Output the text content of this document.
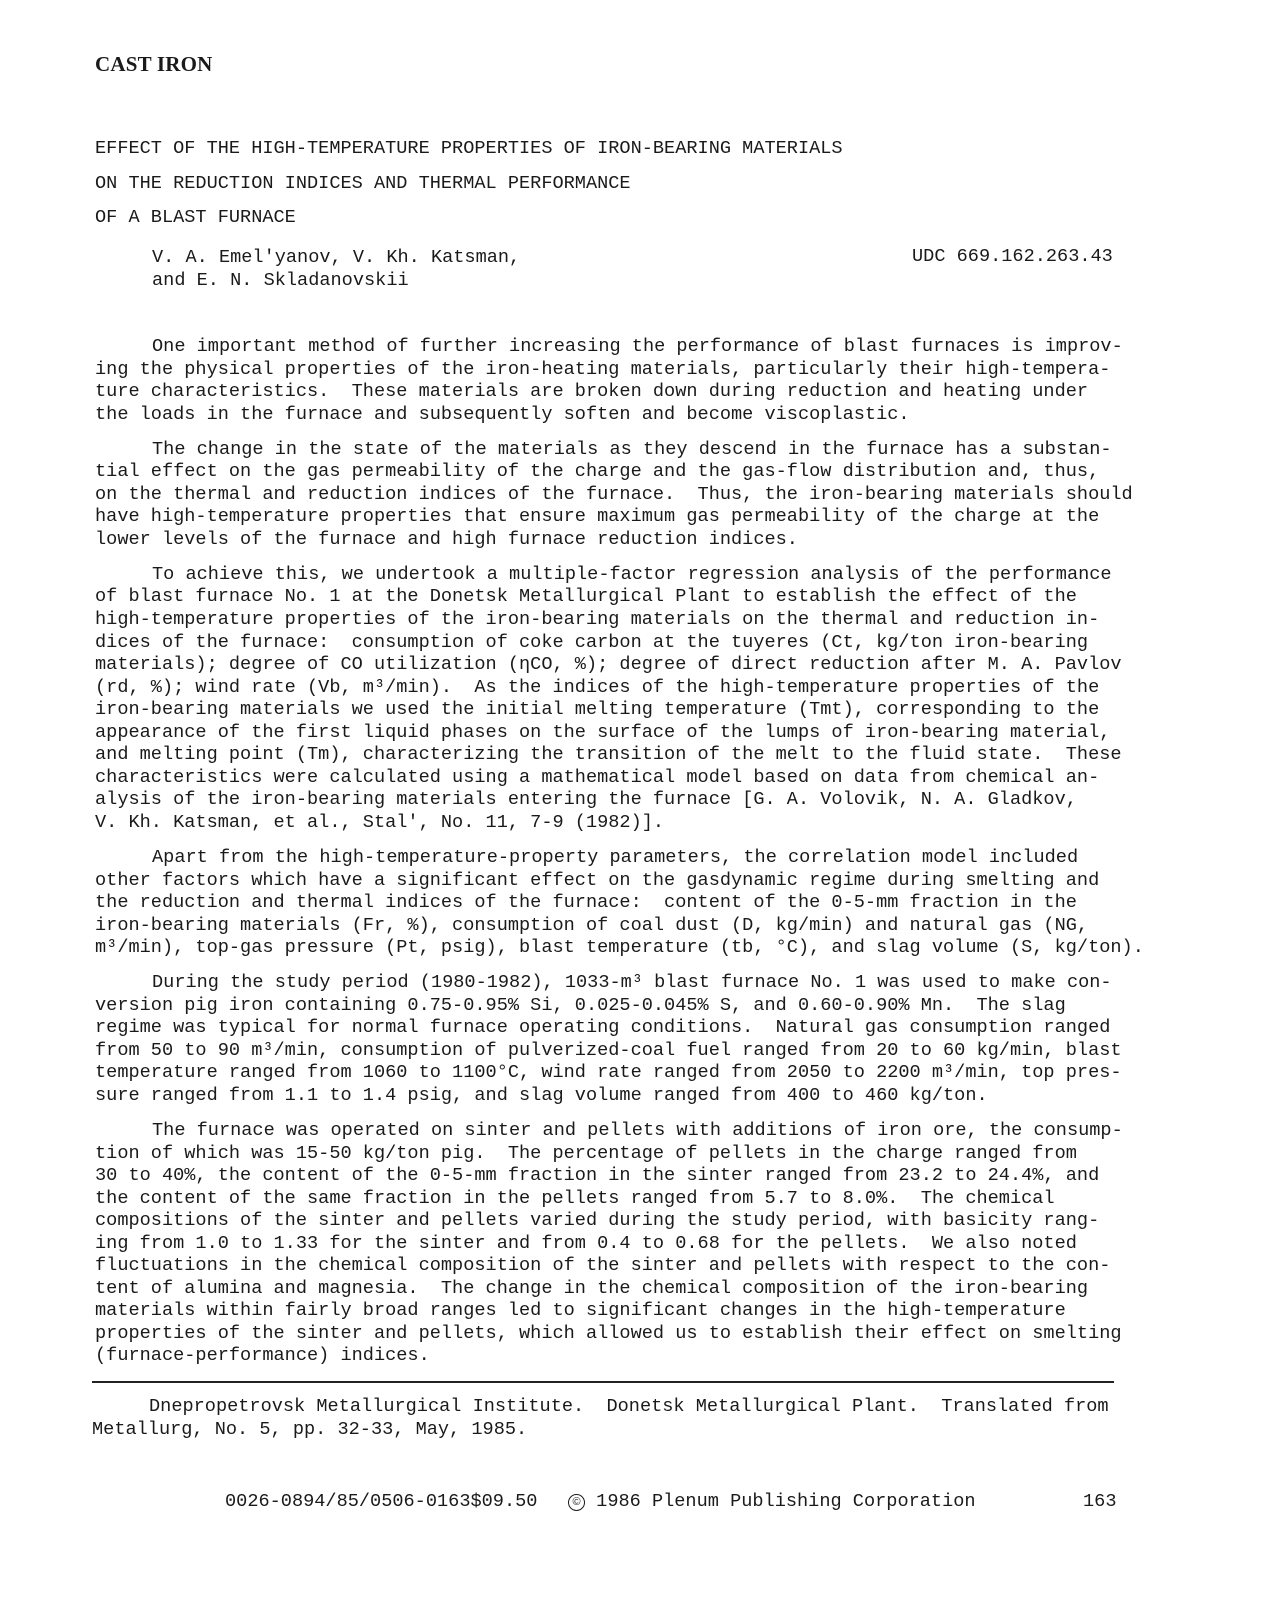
CAST IRON
EFFECT OF THE HIGH-TEMPERATURE PROPERTIES OF IRON-BEARING MATERIALS
ON THE REDUCTION INDICES AND THERMAL PERFORMANCE
OF A BLAST FURNACE
V. A. Emel'yanov, V. Kh. Katsman,
and E. N. Skladanovskii
UDC 669.162.263.43

One important method of further increasing the performance of blast furnaces is improv-
ing the physical properties of the iron-heating materials, particularly their high-tempera-
ture characteristics.  These materials are broken down during reduction and heating under
the loads in the furnace and subsequently soften and become viscoplastic.

The change in the state of the materials as they descend in the furnace has a substan-
tial effect on the gas permeability of the charge and the gas-flow distribution and, thus,
on the thermal and reduction indices of the furnace.  Thus, the iron-bearing materials should
have high-temperature properties that ensure maximum gas permeability of the charge at the
lower levels of the furnace and high furnace reduction indices.

To achieve this, we undertook a multiple-factor regression analysis of the performance
of blast furnace No. 1 at the Donetsk Metallurgical Plant to establish the effect of the
high-temperature properties of the iron-bearing materials on the thermal and reduction in-
dices of the furnace:  consumption of coke carbon at the tuyeres (Ct, kg/ton iron-bearing
materials); degree of CO utilization (ηCO, %); degree of direct reduction after M. A. Pavlov
(rd, %); wind rate (Vb, m³/min).  As the indices of the high-temperature properties of the
iron-bearing materials we used the initial melting temperature (Tmt), corresponding to the
appearance of the first liquid phases on the surface of the lumps of iron-bearing material,
and melting point (Tm), characterizing the transition of the melt to the fluid state.  These
characteristics were calculated using a mathematical model based on data from chemical an-
alysis of the iron-bearing materials entering the furnace [G. A. Volovik, N. A. Gladkov,
V. Kh. Katsman, et al., Stal', No. 11, 7-9 (1982)].

Apart from the high-temperature-property parameters, the correlation model included
other factors which have a significant effect on the gasdynamic regime during smelting and
the reduction and thermal indices of the furnace:  content of the 0-5-mm fraction in the
iron-bearing materials (Fr, %), consumption of coal dust (D, kg/min) and natural gas (NG,
m³/min), top-gas pressure (Pt, psig), blast temperature (tb, °C), and slag volume (S, kg/ton).

During the study period (1980-1982), 1033-m³ blast furnace No. 1 was used to make con-
version pig iron containing 0.75-0.95% Si, 0.025-0.045% S, and 0.60-0.90% Mn.  The slag
regime was typical for normal furnace operating conditions.  Natural gas consumption ranged
from 50 to 90 m³/min, consumption of pulverized-coal fuel ranged from 20 to 60 kg/min, blast
temperature ranged from 1060 to 1100°C, wind rate ranged from 2050 to 2200 m³/min, top pres-
sure ranged from 1.1 to 1.4 psig, and slag volume ranged from 400 to 460 kg/ton.

The furnace was operated on sinter and pellets with additions of iron ore, the consump-
tion of which was 15-50 kg/ton pig.  The percentage of pellets in the charge ranged from
30 to 40%, the content of the 0-5-mm fraction in the sinter ranged from 23.2 to 24.4%, and
the content of the same fraction in the pellets ranged from 5.7 to 8.0%.  The chemical
compositions of the sinter and pellets varied during the study period, with basicity rang-
ing from 1.0 to 1.33 for the sinter and from 0.4 to 0.68 for the pellets.  We also noted
fluctuations in the chemical composition of the sinter and pellets with respect to the con-
tent of alumina and magnesia.  The change in the chemical composition of the iron-bearing
materials within fairly broad ranges led to significant changes in the high-temperature
properties of the sinter and pellets, which allowed us to establish their effect on smelting
(furnace-performance) indices.

Dnepropetrovsk Metallurgical Institute.  Donetsk Metallurgical Plant.  Translated from
Metallurg, No. 5, pp. 32-33, May, 1985.
0026-0894/85/0506-0163$09.50	© 1986 Plenum Publishing Corporation	163
